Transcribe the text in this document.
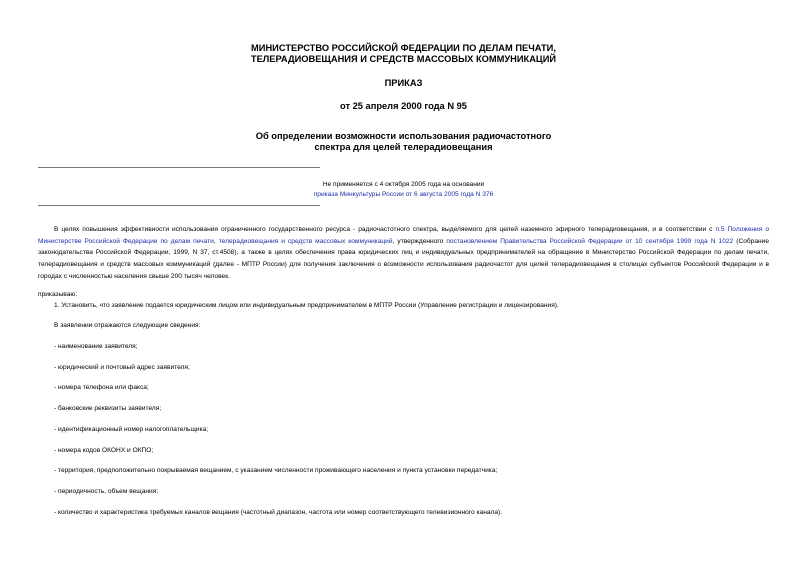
МИНИСТЕРСТВО РОССИЙСКОЙ ФЕДЕРАЦИИ ПО ДЕЛАМ ПЕЧАТИ,
ТЕЛЕРАДИОВЕЩАНИЯ И СРЕДСТВ МАССОВЫХ КОММУНИКАЦИЙ
ПРИКАЗ
от 25 апреля 2000 года N 95
Об определении возможности использования радиочастотного
спектра для целей телерадиовещания
Не применяется с 4 октября 2005 года на основании
приказа Минкультуры России от 6 августа 2005 года N 376
В целях повышения эффективности использования ограниченного государственного ресурса - радиочастотного спектра, выделяемого для целей наземного эфирного телерадиовещания, и в соответствии с п.5 Положения о Министерстве Российской Федерации по делам печати, телерадиовещания и средств массовых коммуникаций, утвержденного постановлением Правительства Российской Федерации от 10 сентября 1999 года N 1022 (Собрание законодательства Российской Федерации, 1999, N 37, ст.4508), а также в целях обеспечения права юридических лиц и индивидуальных предпринимателей на обращение в Министерство Российской Федерации по делам печати, телерадиовещания и средств массовых коммуникаций (далее - МПТР России) для получения заключения о возможности использования радиочастот для целей телерадиовещания в столицах субъектов Российской Федерации и в городах с численностью населения свыше 200 тысяч человек.
приказываю:
1. Установить, что заявление подается юридическим лицом или индивидуальным предпринимателем в МПТР России (Управление регистрации и лицензирования).
В заявлении отражаются следующие сведения:
- наименование заявителя;
- юридический и почтовый адрес заявителя;
- номера телефона или факса;
- банковские реквизиты заявителя;
- идентификационный номер налогоплательщика;
- номера кодов ОКОНХ и ОКПО;
- территория, предположительно покрываемая вещанием, с указанием численности проживающего населения и пункта установки передатчика;
- периодичность, объем вещания;
- количество и характеристика требуемых каналов вещания (частотный диапазон, частота или номер соответствующего телевизионного канала).
